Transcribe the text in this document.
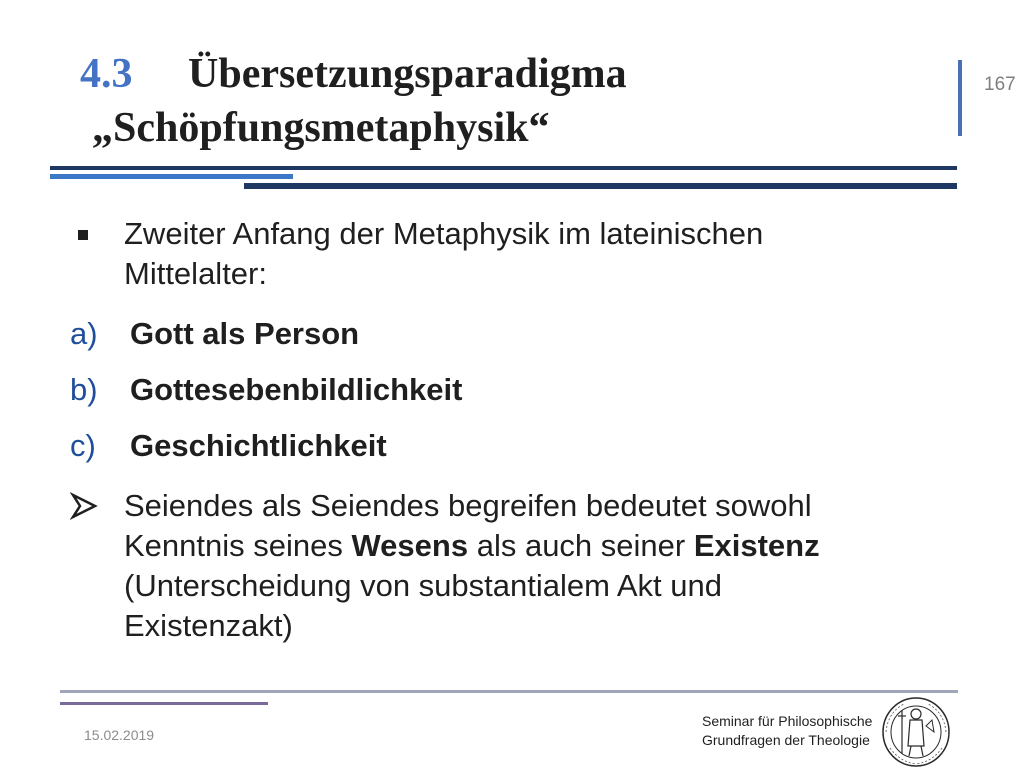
4.3 Übersetzungsparadigma
„Schöpfungsmetaphysik“
167
Zweiter Anfang der Metaphysik im lateinischen
Mittelalter:
a) Gott als Person
b) Gottesebenbildlichkeit
c) Geschichtlichkeit
Seiendes als Seiendes begreifen bedeutet sowohl
Kenntnis seines Wesens als auch seiner Existenz
(Unterscheidung von substantialem Akt und
Existenzakt)
15.02.2019
Seminar für Philosophische
Grundfragen der Theologie
